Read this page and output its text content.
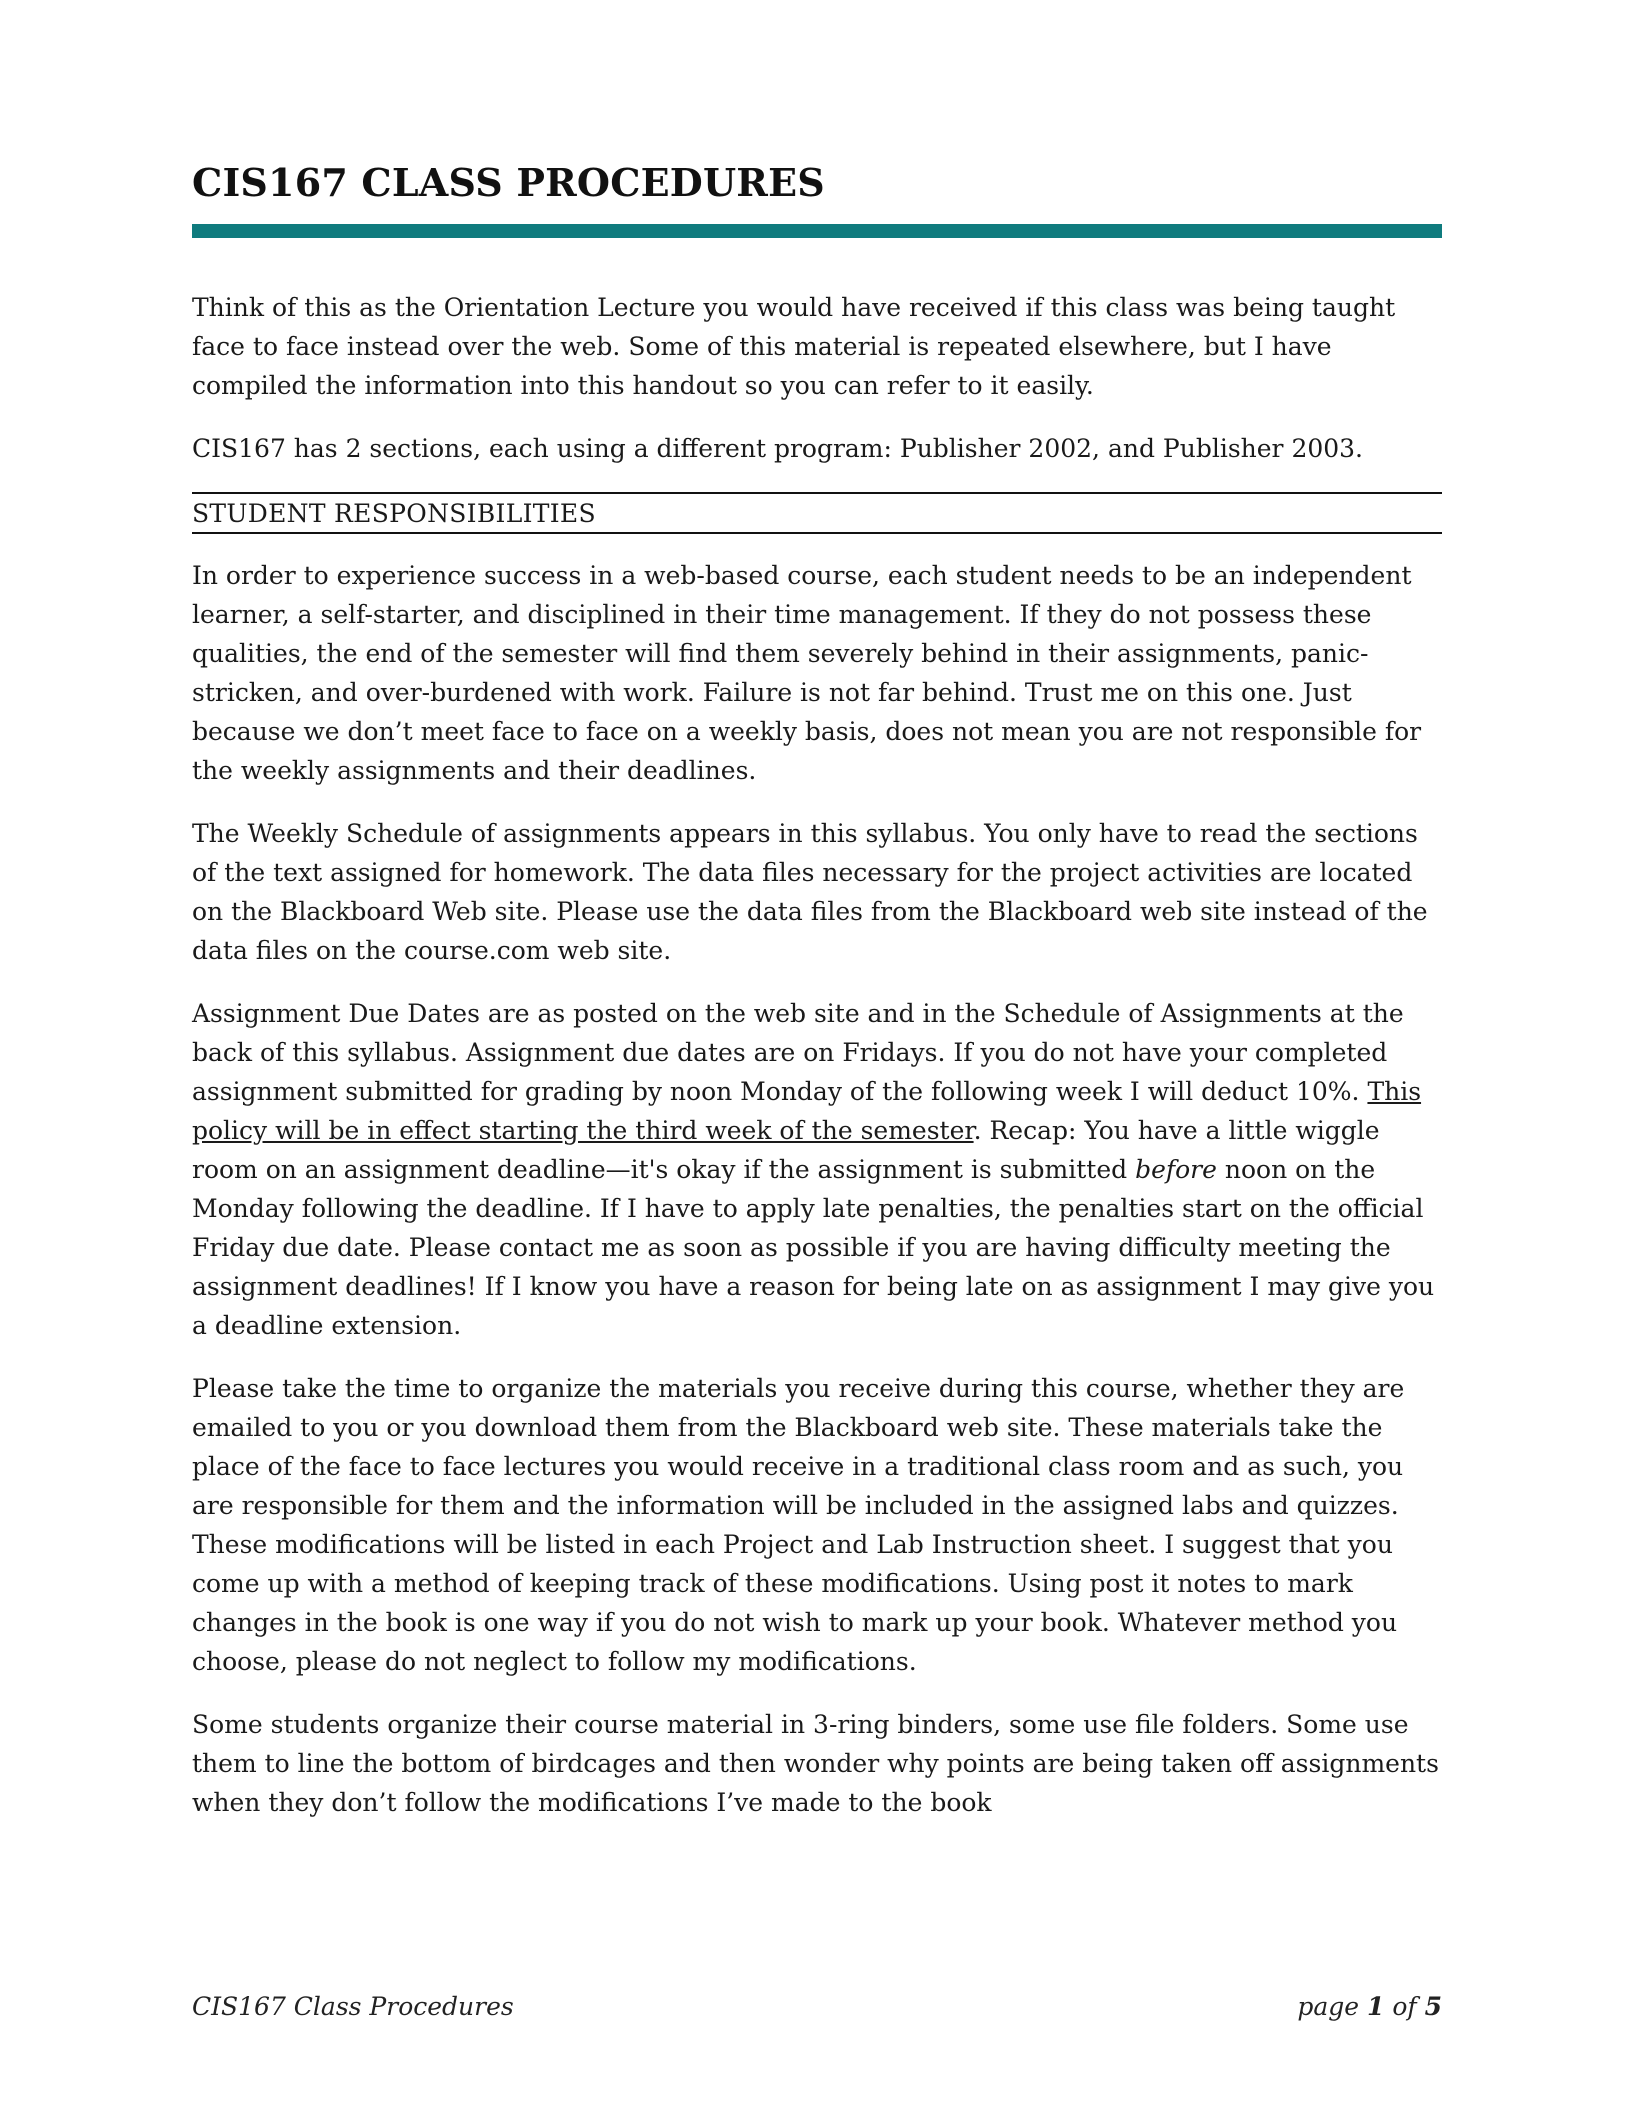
CIS167 CLASS PROCEDURES

Think of this as the Orientation Lecture you would have received if this class was being taught face to face instead over the web. Some of this material is repeated elsewhere, but I have compiled the information into this handout so you can refer to it easily.

CIS167 has 2 sections, each using a different program: Publisher 2002, and Publisher 2003.

STUDENT RESPONSIBILITIES

In order to experience success in a web-based course, each student needs to be an independent learner, a self-starter, and disciplined in their time management. If they do not possess these qualities, the end of the semester will find them severely behind in their assignments, panic-stricken, and over-burdened with work. Failure is not far behind. Trust me on this one. Just because we don’t meet face to face on a weekly basis, does not mean you are not responsible for the weekly assignments and their deadlines.

The Weekly Schedule of assignments appears in this syllabus. You only have to read the sections of the text assigned for homework. The data files necessary for the project activities are located on the Blackboard Web site. Please use the data files from the Blackboard web site instead of the data files on the course.com web site.

Assignment Due Dates are as posted on the web site and in the Schedule of Assignments at the back of this syllabus. Assignment due dates are on Fridays. If you do not have your completed assignment submitted for grading by noon Monday of the following week I will deduct 10%. This policy will be in effect starting the third week of the semester. Recap: You have a little wiggle room on an assignment deadline—it's okay if the assignment is submitted before noon on the Monday following the deadline. If I have to apply late penalties, the penalties start on the official Friday due date. Please contact me as soon as possible if you are having difficulty meeting the assignment deadlines! If I know you have a reason for being late on as assignment I may give you a deadline extension.

Please take the time to organize the materials you receive during this course, whether they are emailed to you or you download them from the Blackboard web site. These materials take the place of the face to face lectures you would receive in a traditional class room and as such, you are responsible for them and the information will be included in the assigned labs and quizzes. These modifications will be listed in each Project and Lab Instruction sheet. I suggest that you come up with a method of keeping track of these modifications. Using post it notes to mark changes in the book is one way if you do not wish to mark up your book. Whatever method you choose, please do not neglect to follow my modifications.

Some students organize their course material in 3-ring binders, some use file folders. Some use them to line the bottom of birdcages and then wonder why points are being taken off assignments when they don’t follow the modifications I’ve made to the book

CIS167 Class Procedures	page 1 of 5
